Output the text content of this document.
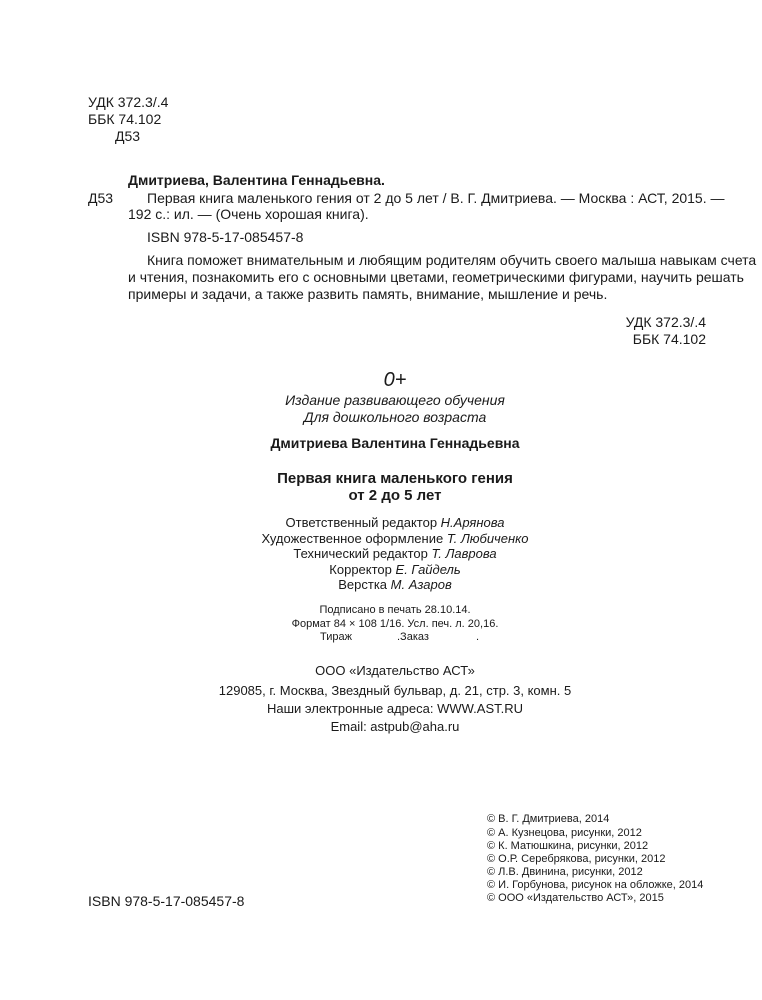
УДК 372.3/.4
ББК 74.102
Д53
Дмитриева, Валентина Геннадьевна.
Д53 Первая книга маленького гения от 2 до 5 лет / В. Г. Дмитриева. — Москва : АСТ, 2015. —
192 с.: ил. — (Очень хорошая книга).
ISBN 978-5-17-085457-8
Книга поможет внимательным и любящим родителям обучить своего малыша навыкам счета
и чтения, познакомить его с основными цветами, геометрическими фигурами, научить решать
примеры и задачи, а также развить память, внимание, мышление и речь.
УДК 372.3/.4
ББК 74.102
0+
Издание развивающего обучения
Для дошкольного возраста
Дмитриева Валентина Геннадьевна
Первая книга маленького гения
от 2 до 5 лет
Ответственный редактор Н.Арянова
Художественное оформление Т. Любиченко
Технический редактор Т. Лаврова
Корректор Е. Гайдель
Верстка М. Азаров
Подписано в печать 28.10.14.
Формат 84 × 108 1/16. Усл. печ. л. 20,16.
Тираж	.Заказ	.
ООО «Издательство АСТ»
129085, г. Москва, Звездный бульвар, д. 21, стр. 3, комн. 5
Наши электронные адреса: WWW.AST.RU
Email: astpub@aha.ru
© В. Г. Дмитриева, 2014
© А. Кузнецова, рисунки, 2012
© К. Матюшкина, рисунки, 2012
© О.Р. Серебрякова, рисунки, 2012
© Л.В. Двинина, рисунки, 2012
© И. Горбунова, рисунок на обложке, 2014
© ООО «Издательство АСТ», 2015
ISBN 978-5-17-085457-8
